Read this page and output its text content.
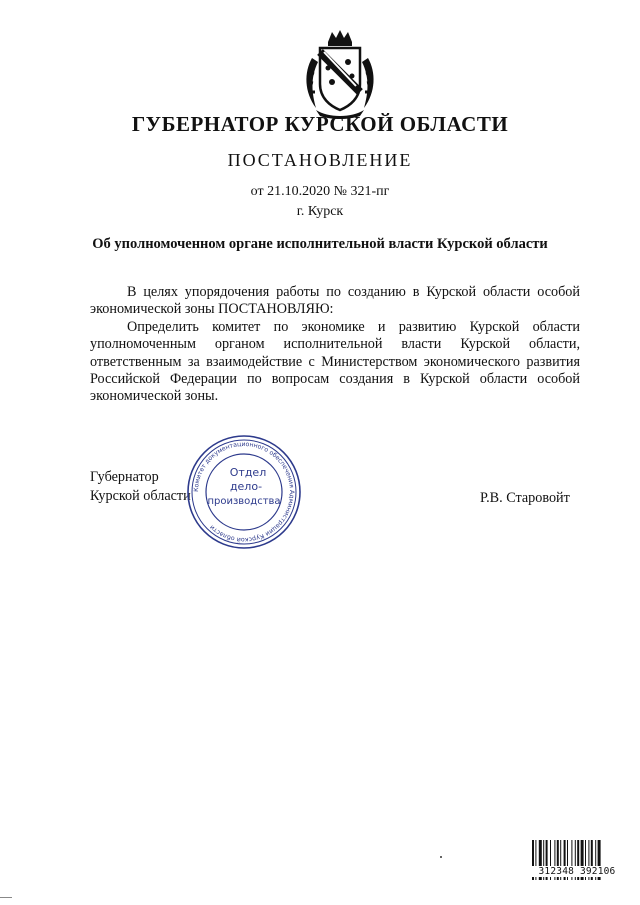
ГУБЕРНАТОР КУРСКОЙ ОБЛАСТИ
ПОСТАНОВЛЕНИЕ
от 21.10.2020 № 321-пг
г. Курск
Об уполномоченном органе исполнительной власти Курской области

В целях упорядочения работы по созданию в Курской области особой экономической зоны ПОСТАНОВЛЯЮ:

Определить комитет по экономике и развитию Курской области уполномоченным органом исполнительной власти Курской области, ответственным за взаимодействие с Министерством экономического развития Российской Федерации по вопросам создания в Курской области особой экономической зоны.

Губернатор
Курской области	Р.В. Старовойт
Комитет документационного обеспечения Администрации Курской области
Отдел
дело-
производства
312348 392106
